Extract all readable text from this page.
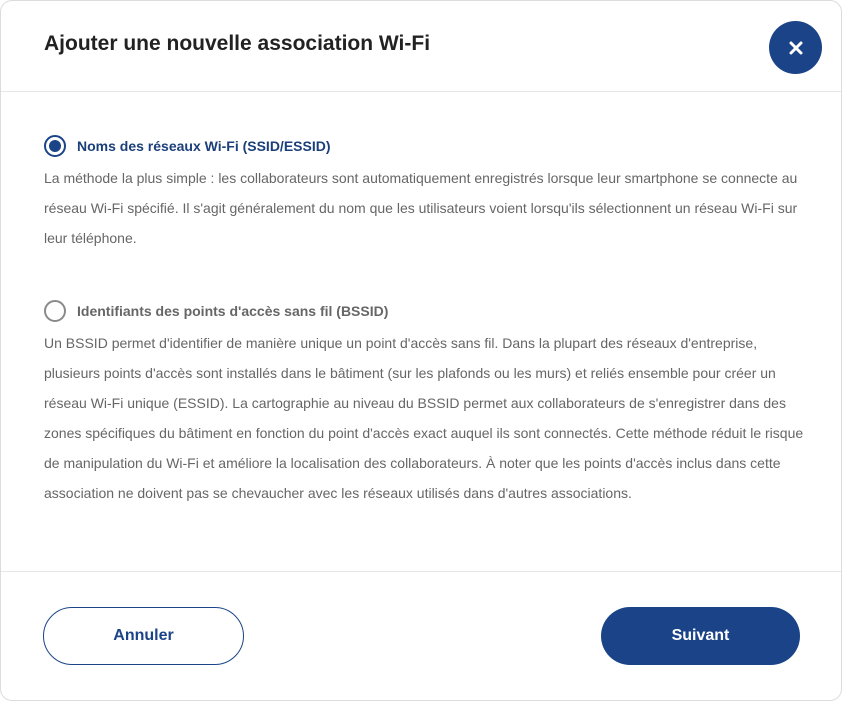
Ajouter une nouvelle association Wi-Fi
Noms des réseaux Wi-Fi (SSID/ESSID)

La méthode la plus simple : les collaborateurs sont automatiquement enregistrés lorsque leur smartphone se connecte au réseau Wi-Fi spécifié. Il s'agit généralement du nom que les utilisateurs voient lorsqu'ils sélectionnent un réseau Wi-Fi sur leur téléphone.

Identifiants des points d'accès sans fil (BSSID)

Un BSSID permet d'identifier de manière unique un point d'accès sans fil. Dans la plupart des réseaux d'entreprise, plusieurs points d'accès sont installés dans le bâtiment (sur les plafonds ou les murs) et reliés ensemble pour créer un réseau Wi-Fi unique (ESSID). La cartographie au niveau du BSSID permet aux collaborateurs de s'enregistrer dans des zones spécifiques du bâtiment en fonction du point d'accès exact auquel ils sont connectés. Cette méthode réduit le risque de manipulation du Wi-Fi et améliore la localisation des collaborateurs. À noter que les points d'accès inclus dans cette association ne doivent pas se chevaucher avec les réseaux utilisés dans d'autres associations.

Annuler	Suivant
